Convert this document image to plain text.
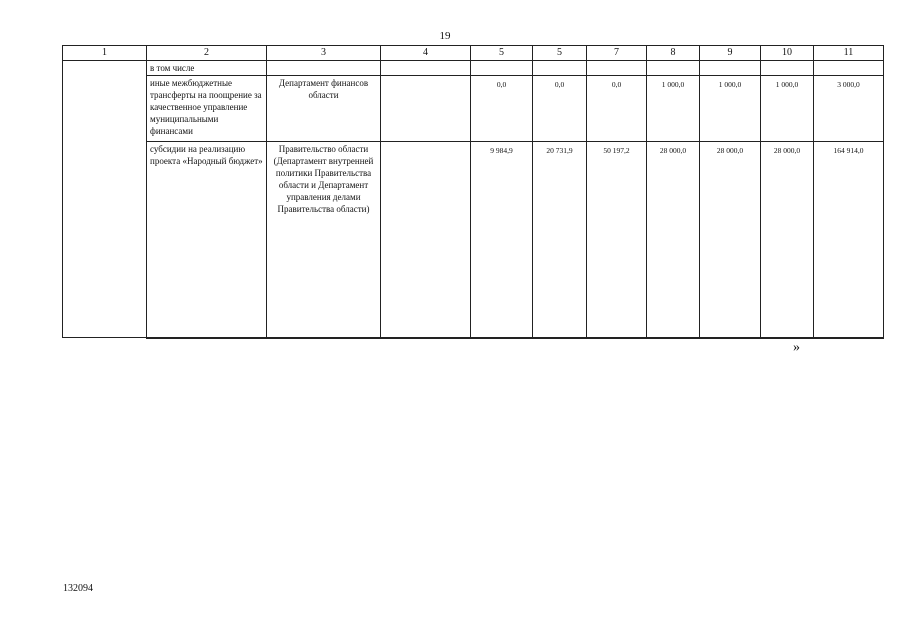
19
1	2	3	4	5	5	7	8	9	10	11
	в том числе									
	иные межбюджетные трансферты на поощрение за качественное управление муниципальными финансами	Департамент финансов области		0,0	0,0	0,0	1 000,0	1 000,0	1 000,0	3 000,0
	субсидии на реализацию проекта «Народный бюджет»	Правительство области (Департамент внутренней политики Правительства области и Департамент управления делами Правительства области)		9 984,9	20 731,9	50 197,2	28 000,0	28 000,0	28 000,0	164 914,0
»
132094
